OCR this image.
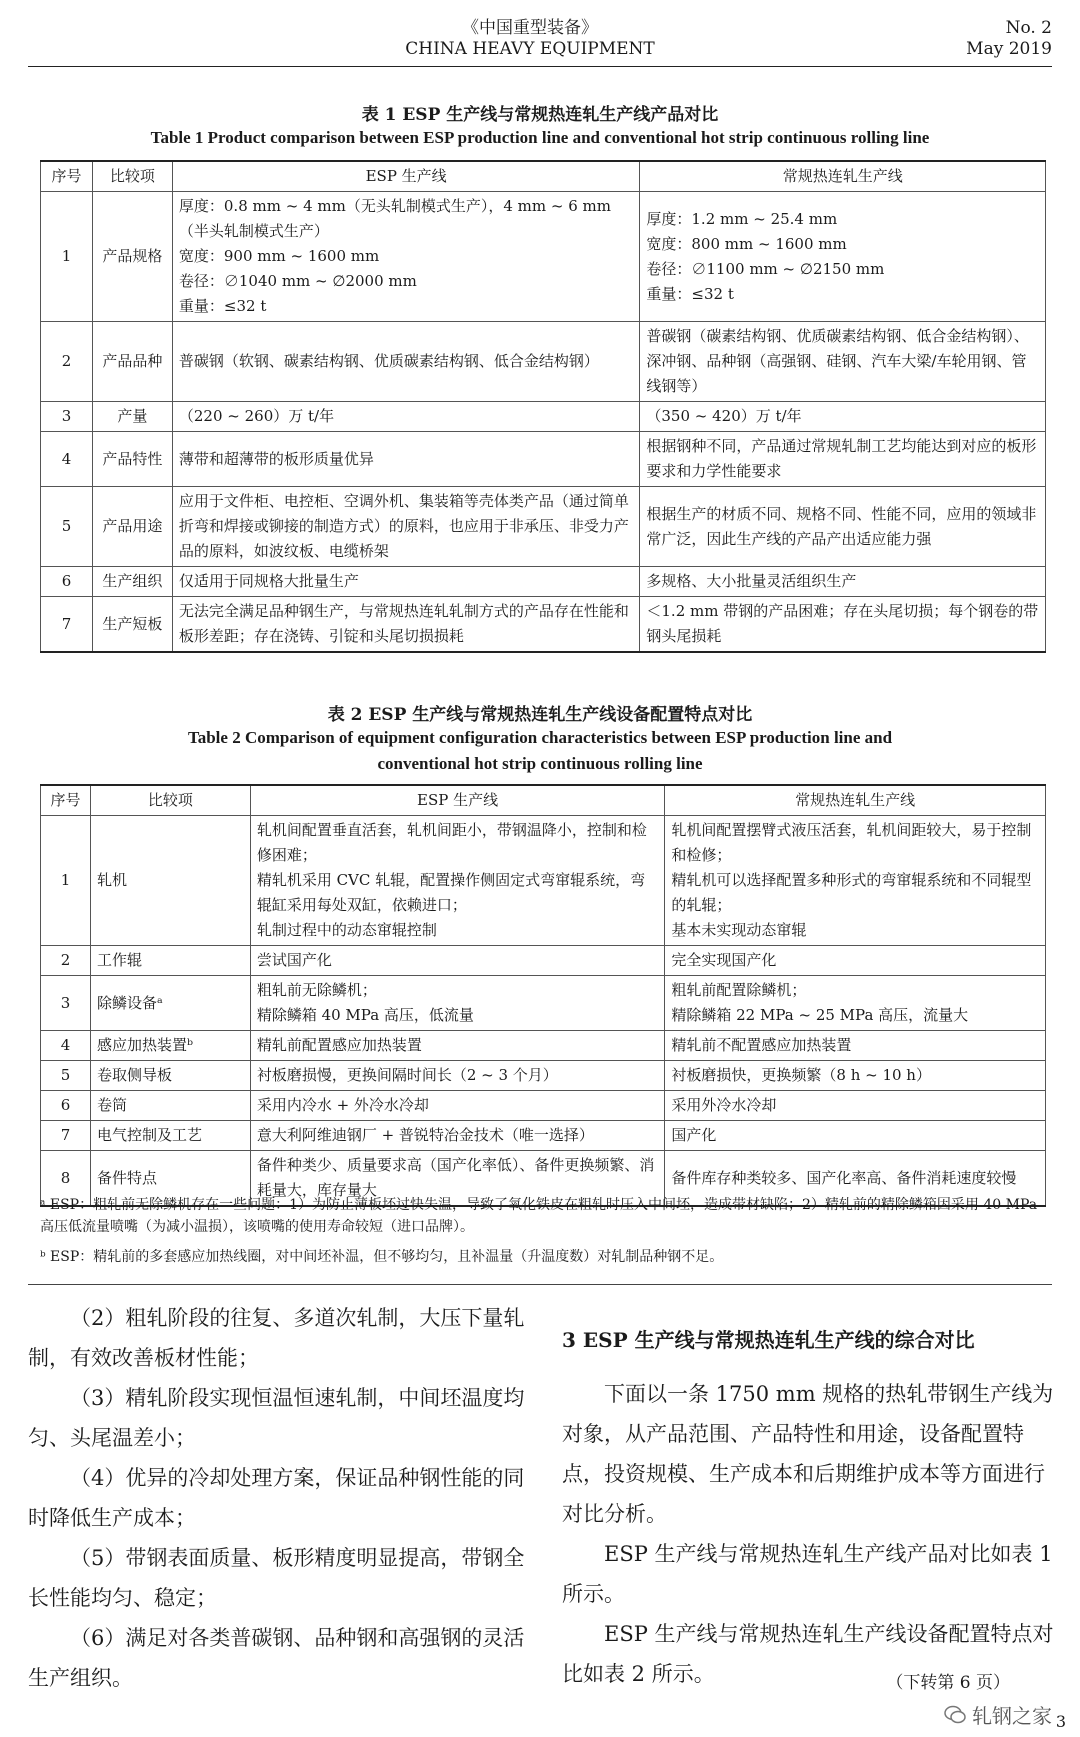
《中国重型装备》
CHINA HEAVY EQUIPMENT
No. 2
May 2019
表 1 ESP 生产线与常规热连轧生产线产品对比
Table 1 Product comparison between ESP production line and conventional hot strip continuous rolling line
序号	比较项	ESP 生产线	常规热连轧生产线
1	产品规格	厚度：0.8 mm ~ 4 mm（无头轧制模式生产），4 mm ~ 6 mm（半头轧制模式生产）
宽度：900 mm ~ 1600 mm
卷径：∅1040 mm ~ ∅2000 mm
重量：≤32 t	厚度：1.2 mm ~ 25.4 mm
宽度：800 mm ~ 1600 mm
卷径：∅1100 mm ~ ∅2150 mm
重量：≤32 t
2	产品品种	普碳钢（软钢、碳素结构钢、优质碳素结构钢、低合金结构钢）	普碳钢（碳素结构钢、优质碳素结构钢、低合金结构钢）、深冲钢、品种钢（高强钢、硅钢、汽车大梁/车轮用钢、管线钢等）
3	产量	（220 ~ 260）万 t/年	（350 ~ 420）万 t/年
4	产品特性	薄带和超薄带的板形质量优异	根据钢种不同，产品通过常规轧制工艺均能达到对应的板形要求和力学性能要求
5	产品用途	应用于文件柜、电控柜、空调外机、集装箱等壳体类产品（通过简单折弯和焊接或铆接的制造方式）的原料，也应用于非承压、非受力产品的原料，如波纹板、电缆桥架	根据生产的材质不同、规格不同、性能不同，应用的领域非常广泛，因此生产线的产品产出适应能力强
6	生产组织	仅适用于同规格大批量生产	多规格、大小批量灵活组织生产
7	生产短板	无法完全满足品种钢生产，与常规热连轧轧制方式的产品存在性能和板形差距；存在浇铸、引锭和头尾切损损耗	＜1.2 mm 带钢的产品困难；存在头尾切损；每个钢卷的带钢头尾损耗
表 2 ESP 生产线与常规热连轧生产线设备配置特点对比
Table 2 Comparison of equipment configuration characteristics between ESP production line and
conventional hot strip continuous rolling line
序号	比较项	ESP 生产线	常规热连轧生产线
1	轧机	轧机间配置垂直活套，轧机间距小，带钢温降小，控制和检修困难；
精轧机采用 CVC 轧辊，配置操作侧固定式弯窜辊系统，弯辊缸采用每处双缸，依赖进口；
轧制过程中的动态窜辊控制	轧机间配置摆臂式液压活套，轧机间距较大，易于控制和检修；
精轧机可以选择配置多种形式的弯窜辊系统和不同辊型的轧辊；
基本未实现动态窜辊
2	工作辊	尝试国产化	完全实现国产化
3	除鳞设备ᵃ	粗轧前无除鳞机；
精除鳞箱 40 MPa 高压，低流量	粗轧前配置除鳞机；
精除鳞箱 22 MPa ~ 25 MPa 高压，流量大
4	感应加热装置ᵇ	精轧前配置感应加热装置	精轧前不配置感应加热装置
5	卷取侧导板	衬板磨损慢，更换间隔时间长（2 ~ 3 个月）	衬板磨损快，更换频繁（8 h ~ 10 h）
6	卷筒	采用内冷水 + 外冷水冷却	采用外冷水冷却
7	电气控制及工艺	意大利阿维迪钢厂 + 普锐特冶金技术（唯一选择）	国产化
8	备件特点	备件种类少、质量要求高（国产化率低）、备件更换频繁、消耗量大，库存量大	备件库存种类较多、国产化率高、备件消耗速度较慢
ᵃ ESP：粗轧前无除鳞机存在一些问题：1）为防止薄板坯过快失温，导致了氧化铁皮在粗轧时压入中间坯，造成带材缺陷；2）精轧前的精除鳞箱因采用 40 MPa 高压低流量喷嘴（为减小温损），该喷嘴的使用寿命较短（进口品牌）。
ᵇ ESP：精轧前的多套感应加热线圈，对中间坯补温，但不够均匀，且补温量（升温度数）对轧制品种钢不足。

（2）粗轧阶段的往复、多道次轧制，大压下量轧制，有效改善板材性能；

（3）精轧阶段实现恒温恒速轧制，中间坯温度均匀、头尾温差小；

（4）优异的冷却处理方案，保证品种钢性能的同时降低生产成本；

（5）带钢表面质量、板形精度明显提高，带钢全长性能均匀、稳定；

（6）满足对各类普碳钢、品种钢和高强钢的灵活生产组织。

3 ESP 生产线与常规热连轧生产线的综合对比

下面以一条 1750 mm 规格的热轧带钢生产线为对象，从产品范围、产品特性和用途，设备配置特点，投资规模、生产成本和后期维护成本等方面进行对比分析。

ESP 生产线与常规热连轧生产线产品对比如表 1 所示。

ESP 生产线与常规热连轧生产线设备配置特点对比如表 2 所示。	（下转第 6 页）
轧钢之家 3
